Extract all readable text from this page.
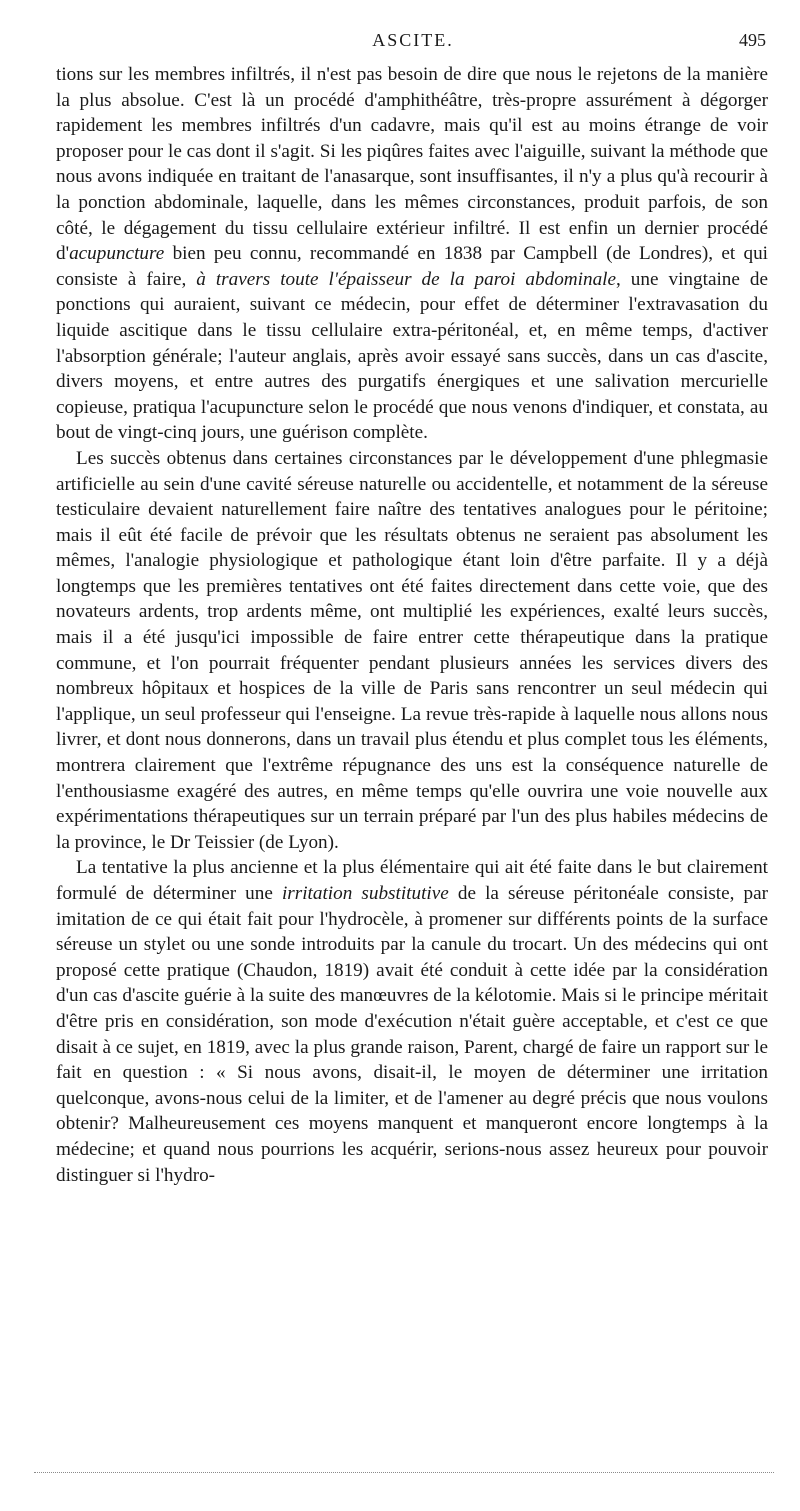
ASCITE.	495

tions sur les membres infiltrés, il n'est pas besoin de dire que nous le rejetons de la manière la plus absolue. C'est là un procédé d'amphithéâtre, très-propre assurément à dégorger rapidement les membres infiltrés d'un cadavre, mais qu'il est au moins étrange de voir proposer pour le cas dont il s'agit. Si les piqûres faites avec l'aiguille, suivant la méthode que nous avons indiquée en traitant de l'anasarque, sont insuffisantes, il n'y a plus qu'à recourir à la ponction abdominale, laquelle, dans les mêmes circonstances, produit parfois, de son côté, le dégagement du tissu cellulaire extérieur infiltré. Il est enfin un dernier procédé d'acupuncture bien peu connu, recommandé en 1838 par Campbell (de Londres), et qui consiste à faire, à travers toute l'épaisseur de la paroi abdominale, une vingtaine de ponctions qui auraient, suivant ce médecin, pour effet de déterminer l'extravasation du liquide ascitique dans le tissu cellulaire extra-péritonéal, et, en même temps, d'activer l'absorption générale; l'auteur anglais, après avoir essayé sans succès, dans un cas d'ascite, divers moyens, et entre autres des purgatifs énergiques et une salivation mercurielle copieuse, pratiqua l'acupuncture selon le procédé que nous venons d'indiquer, et constata, au bout de vingt-cinq jours, une guérison complète.

Les succès obtenus dans certaines circonstances par le développement d'une phlegmasie artificielle au sein d'une cavité séreuse naturelle ou accidentelle, et notamment de la séreuse testiculaire devaient naturellement faire naître des tentatives analogues pour le péritoine; mais il eût été facile de prévoir que les résultats obtenus ne seraient pas absolument les mêmes, l'analogie physiologique et pathologique étant loin d'être parfaite. Il y a déjà longtemps que les premières tentatives ont été faites directement dans cette voie, que des novateurs ardents, trop ardents même, ont multiplié les expériences, exalté leurs succès, mais il a été jusqu'ici impossible de faire entrer cette thérapeutique dans la pratique commune, et l'on pourrait fréquenter pendant plusieurs années les services divers des nombreux hôpitaux et hospices de la ville de Paris sans rencontrer un seul médecin qui l'applique, un seul professeur qui l'enseigne. La revue très-rapide à laquelle nous allons nous livrer, et dont nous donnerons, dans un travail plus étendu et plus complet tous les éléments, montrera clairement que l'extrême répugnance des uns est la conséquence naturelle de l'enthousiasme exagéré des autres, en même temps qu'elle ouvrira une voie nouvelle aux expérimentations thérapeutiques sur un terrain préparé par l'un des plus habiles médecins de la province, le Dr Teissier (de Lyon).

La tentative la plus ancienne et la plus élémentaire qui ait été faite dans le but clairement formulé de déterminer une irritation substitutive de la séreuse péritonéale consiste, par imitation de ce qui était fait pour l'hydrocèle, à promener sur différents points de la surface séreuse un stylet ou une sonde introduits par la canule du trocart. Un des médecins qui ont proposé cette pratique (Chaudon, 1819) avait été conduit à cette idée par la considération d'un cas d'ascite guérie à la suite des manœuvres de la kélotomie. Mais si le principe méritait d'être pris en considération, son mode d'exécution n'était guère acceptable, et c'est ce que disait à ce sujet, en 1819, avec la plus grande raison, Parent, chargé de faire un rapport sur le fait en question : « Si nous avons, disait-il, le moyen de déterminer une irritation quelconque, avons-nous celui de la limiter, et de l'amener au degré précis que nous voulons obtenir? Malheureusement ces moyens manquent et manqueront encore longtemps à la médecine; et quand nous pourrions les acquérir, serions-nous assez heureux pour pouvoir distinguer si l'hydro-
